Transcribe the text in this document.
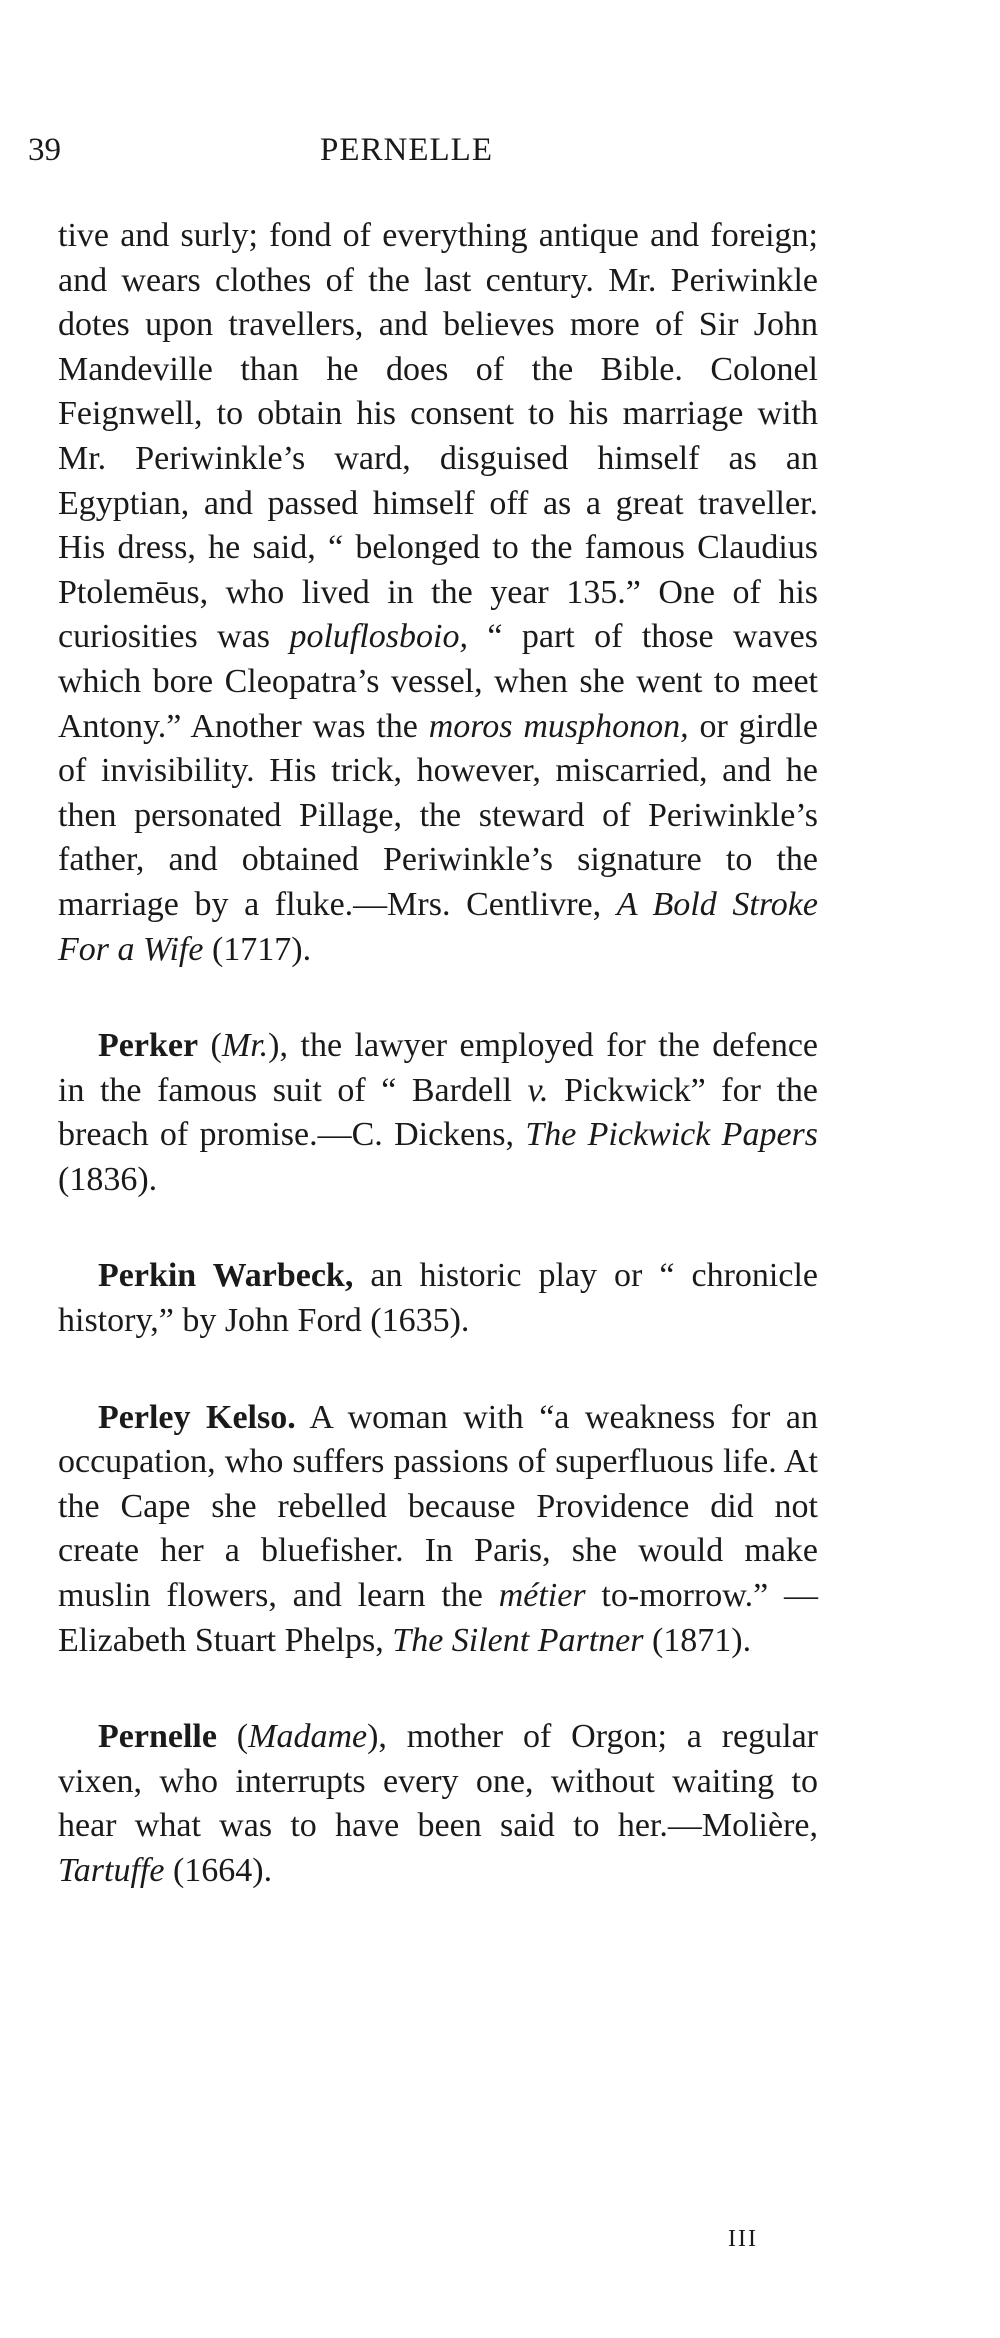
39	PERNELLE

tive and surly; fond of everything antique and foreign; and wears clothes of the last century. Mr. Periwinkle dotes upon travellers, and believes more of Sir John Mandeville than he does of the Bible. Colonel Feignwell, to obtain his consent to his marriage with Mr. Periwinkle’s ward, disguised himself as an Egyptian, and passed himself off as a great traveller. His dress, he said, “ belonged to the famous Claudius Ptolemēus, who lived in the year 135.” One of his curiosities was poluflosboio, “ part of those waves which bore Cleopatra’s vessel, when she went to meet Antony.” Another was the moros musphonon, or girdle of invisibility. His trick, however, miscarried, and he then personated Pillage, the steward of Periwinkle’s father, and obtained Periwinkle’s signature to the marriage by a fluke.—Mrs. Centlivre, A Bold Stroke For a Wife (1717).

Perker (Mr.), the lawyer employed for the defence in the famous suit of “ Bardell v. Pickwick” for the breach of promise.—C. Dickens, The Pickwick Papers (1836).

Perkin Warbeck, an historic play or “ chronicle history,” by John Ford (1635).

Perley Kelso. A woman with “a weakness for an occupation, who suffers passions of superfluous life. At the Cape she rebelled because Providence did not create her a bluefisher. In Paris, she would make muslin flowers, and learn the métier to-morrow.” — Elizabeth Stuart Phelps, The Silent Partner (1871).

Pernelle (Madame), mother of Orgon; a regular vixen, who interrupts every one, without waiting to hear what was to have been said to her.—Molière, Tartuffe (1664).

III
